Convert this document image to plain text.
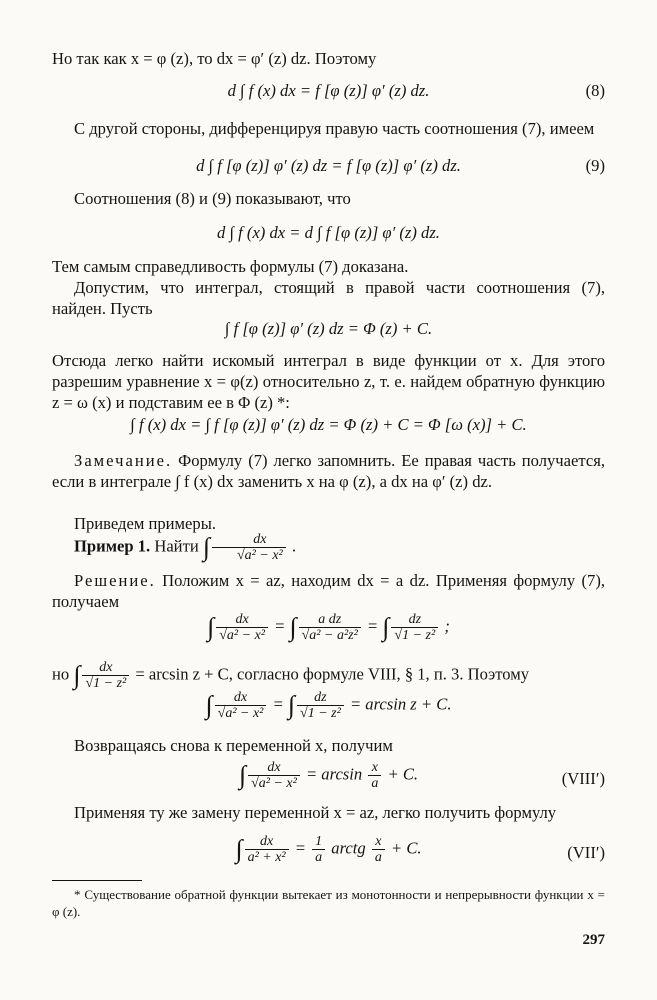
Но так как x = φ (z), то dx = φ′ (z) dz. Поэтому

d ∫ f (x) dx = f [φ (z)] φ′ (z) dz.	(8)

С другой стороны, дифференцируя правую часть соотношения (7), имеем

d ∫ f [φ (z)] φ′ (z) dz = f [φ (z)] φ′ (z) dz.	(9)

Соотношения (8) и (9) показывают, что

d ∫ f (x) dx = d ∫ f [φ (z)] φ′ (z) dz.

Тем самым справедливость формулы (7) доказана.

Допустим, что интеграл, стоящий в правой части соотношения (7), найден. Пусть

∫ f [φ (z)] φ′ (z) dz = Φ (z) + C.

Отсюда легко найти искомый интеграл в виде функции от x. Для этого разрешим уравнение x = φ(z) относительно z, т. е. найдем обратную функцию z = ω (x) и подставим ее в Φ (z) *:

∫ f (x) dx = ∫ f [φ (z)] φ′ (z) dz = Φ (z) + C = Φ [ω (x)] + C.

Замечание. Формулу (7) легко запомнить. Ее правая часть получается, если в интеграле ∫ f (x) dx заменить x на φ (z), а dx на φ′ (z) dz.

Приведем примеры.

Пример 1. Найти ∫ $\frac{dx}{\text{√a² − x²}}$ .

Решение. Положим x = az, находим dx = a dz. Применяя формулу (7), получаем

∫ $\frac{dx}{\text{√a² − x²}}$ = ∫ $\frac{\text{a dz}}{\text{√a² − a²z²}}$ = ∫ $\frac{dz}{\text{√1 − z²}}$ ;

но ∫ $\frac{dx}{\text{√1 − z²}} = \arcsin z + C$, согласно формуле VIII, § 1, п. 3. Поэтому

∫ $\frac{dx}{\text{√a² − x²}}$ = ∫ $\frac{dz}{\text{√1 − z²}} = \arcsin z + C$.

Возвращаясь снова к переменной x, получим

∫ $\frac{dx}{\text{√a² − x²}} = \arcsin \frac{x}{a} + C$.	(VIII′)

Применяя ту же замену переменной x = az, легко получить формулу

∫ $\frac{dx}{\text{a² + x²}} = \frac{1}{a}$ arctg $\frac{x}{a} + C$.	(VII′)

* Существование обратной функции вытекает из монотонности и непрерывности функции x = φ (z).

297
